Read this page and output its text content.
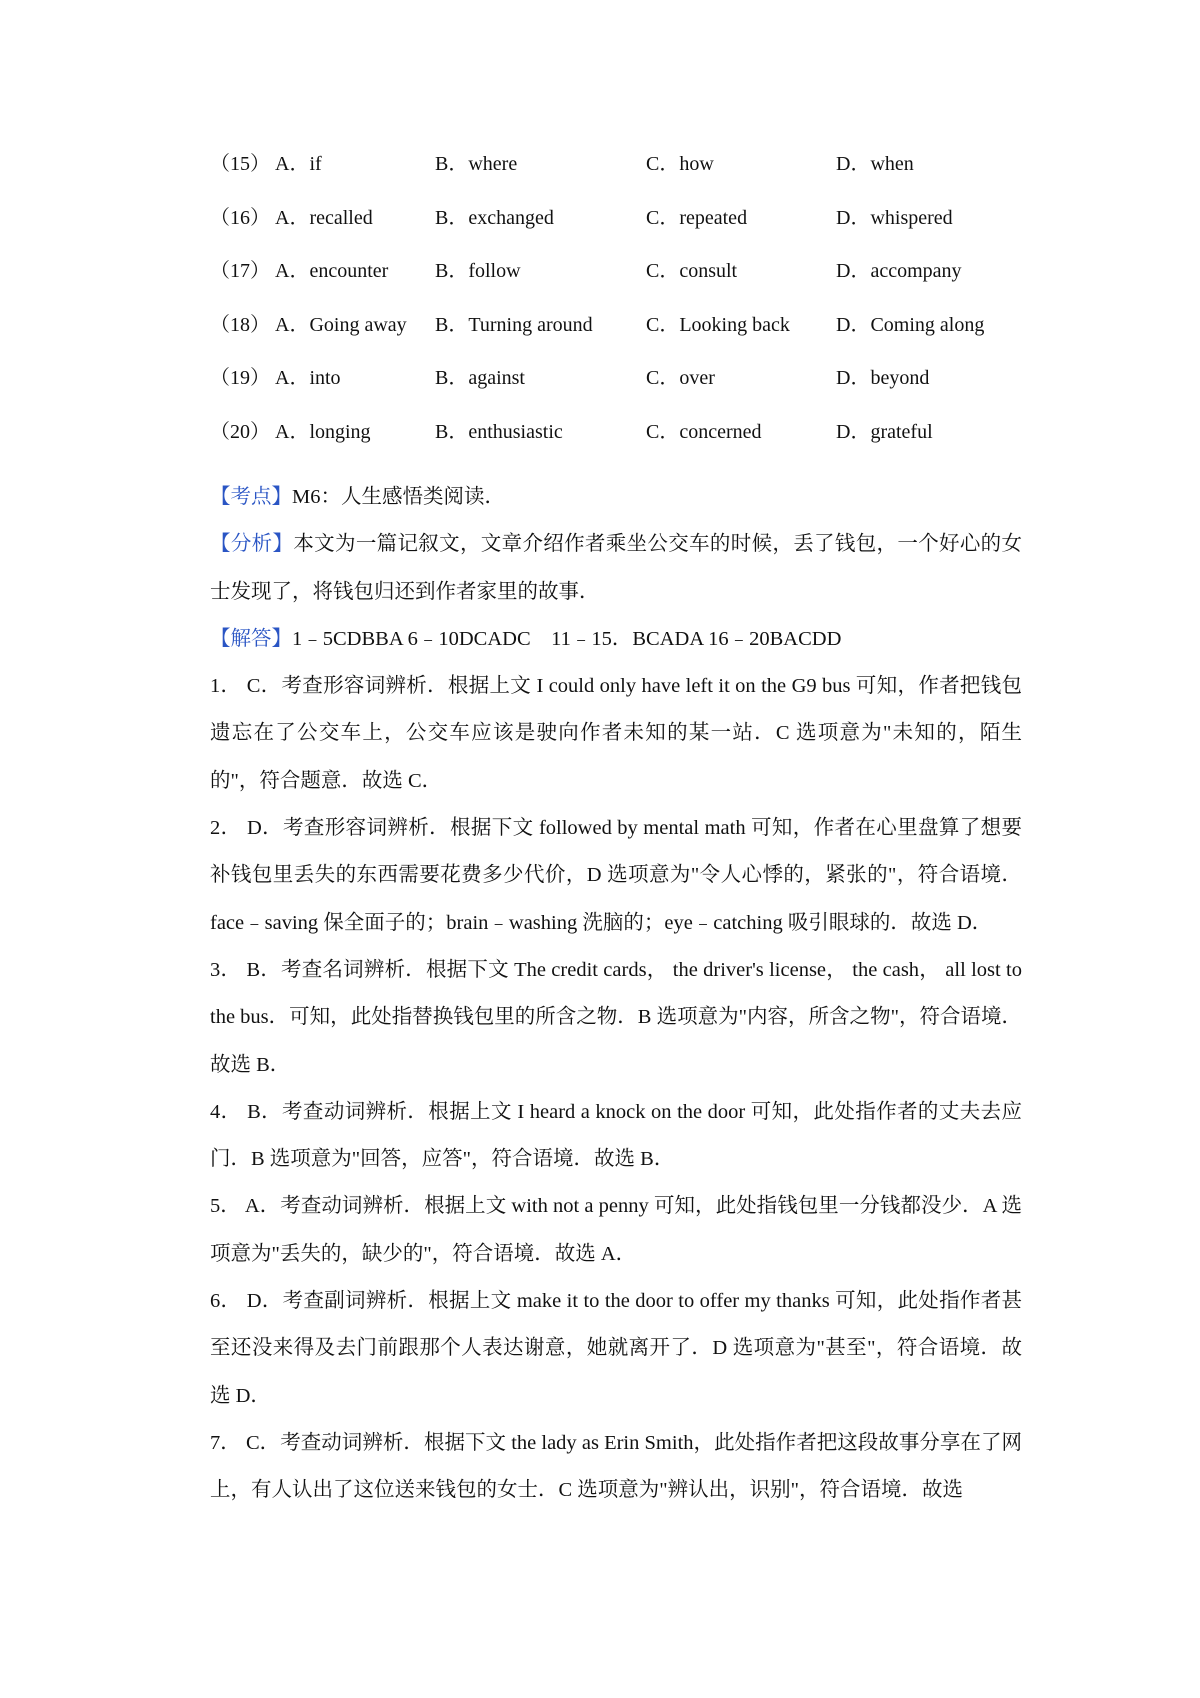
（15） A．if	B．where	C．how	D．when
（16） A．recalled	B．exchanged	C．repeated	D．whispered
（17） A．encounter B．follow	C．consult	D．accompany
（18） A．Going away B．Turning around	C．Looking back D．Coming along
（19） A．into	B．against	C．over	D．beyond
（20） A．longing	B．enthusiastic	C．concerned	D．grateful

【考点】M6：人生感悟类阅读．

【分析】本文为一篇记叙文，文章介绍作者乘坐公交车的时候，丢了钱包，一个好心的女士发现了，将钱包归还到作者家里的故事．

【解答】1﹣5CDBBA 6﹣10DCADC　11﹣15．BCADA 16﹣20BACDD

1． C．考查形容词辨析．根据上文 I could only have left it on the G9 bus 可知，作者把钱包遗忘在了公交车上，公交车应该是驶向作者未知的某一站．C 选项意为"未知的，陌生的"，符合题意．故选 C．

2． D．考查形容词辨析．根据下文 followed by mental math 可知，作者在心里盘算了想要补钱包里丢失的东西需要花费多少代价，D 选项意为"令人心悸的，紧张的"，符合语境．face﹣saving 保全面子的；brain﹣washing 洗脑的；eye﹣catching 吸引眼球的．故选 D．

3． B．考查名词辨析．根据下文 The credit cards， the driver's license， the cash， all lost to the bus．可知，此处指替换钱包里的所含之物．B 选项意为"内容，所含之物"，符合语境．故选 B．

4． B．考查动词辨析．根据上文 I heard a knock on the door 可知，此处指作者的丈夫去应门．B 选项意为"回答，应答"，符合语境．故选 B．

5． A．考查动词辨析．根据上文 with not a penny 可知，此处指钱包里一分钱都没少．A 选项意为"丢失的，缺少的"，符合语境．故选 A．

6． D．考查副词辨析．根据上文 make it to the door to offer my thanks 可知，此处指作者甚至还没来得及去门前跟那个人表达谢意，她就离开了．D 选项意为"甚至"，符合语境．故选 D．

7． C．考查动词辨析．根据下文 the lady as Erin Smith，此处指作者把这段故事分享在了网上，有人认出了这位送来钱包的女士．C 选项意为"辨认出，识别"，符合语境．故选
